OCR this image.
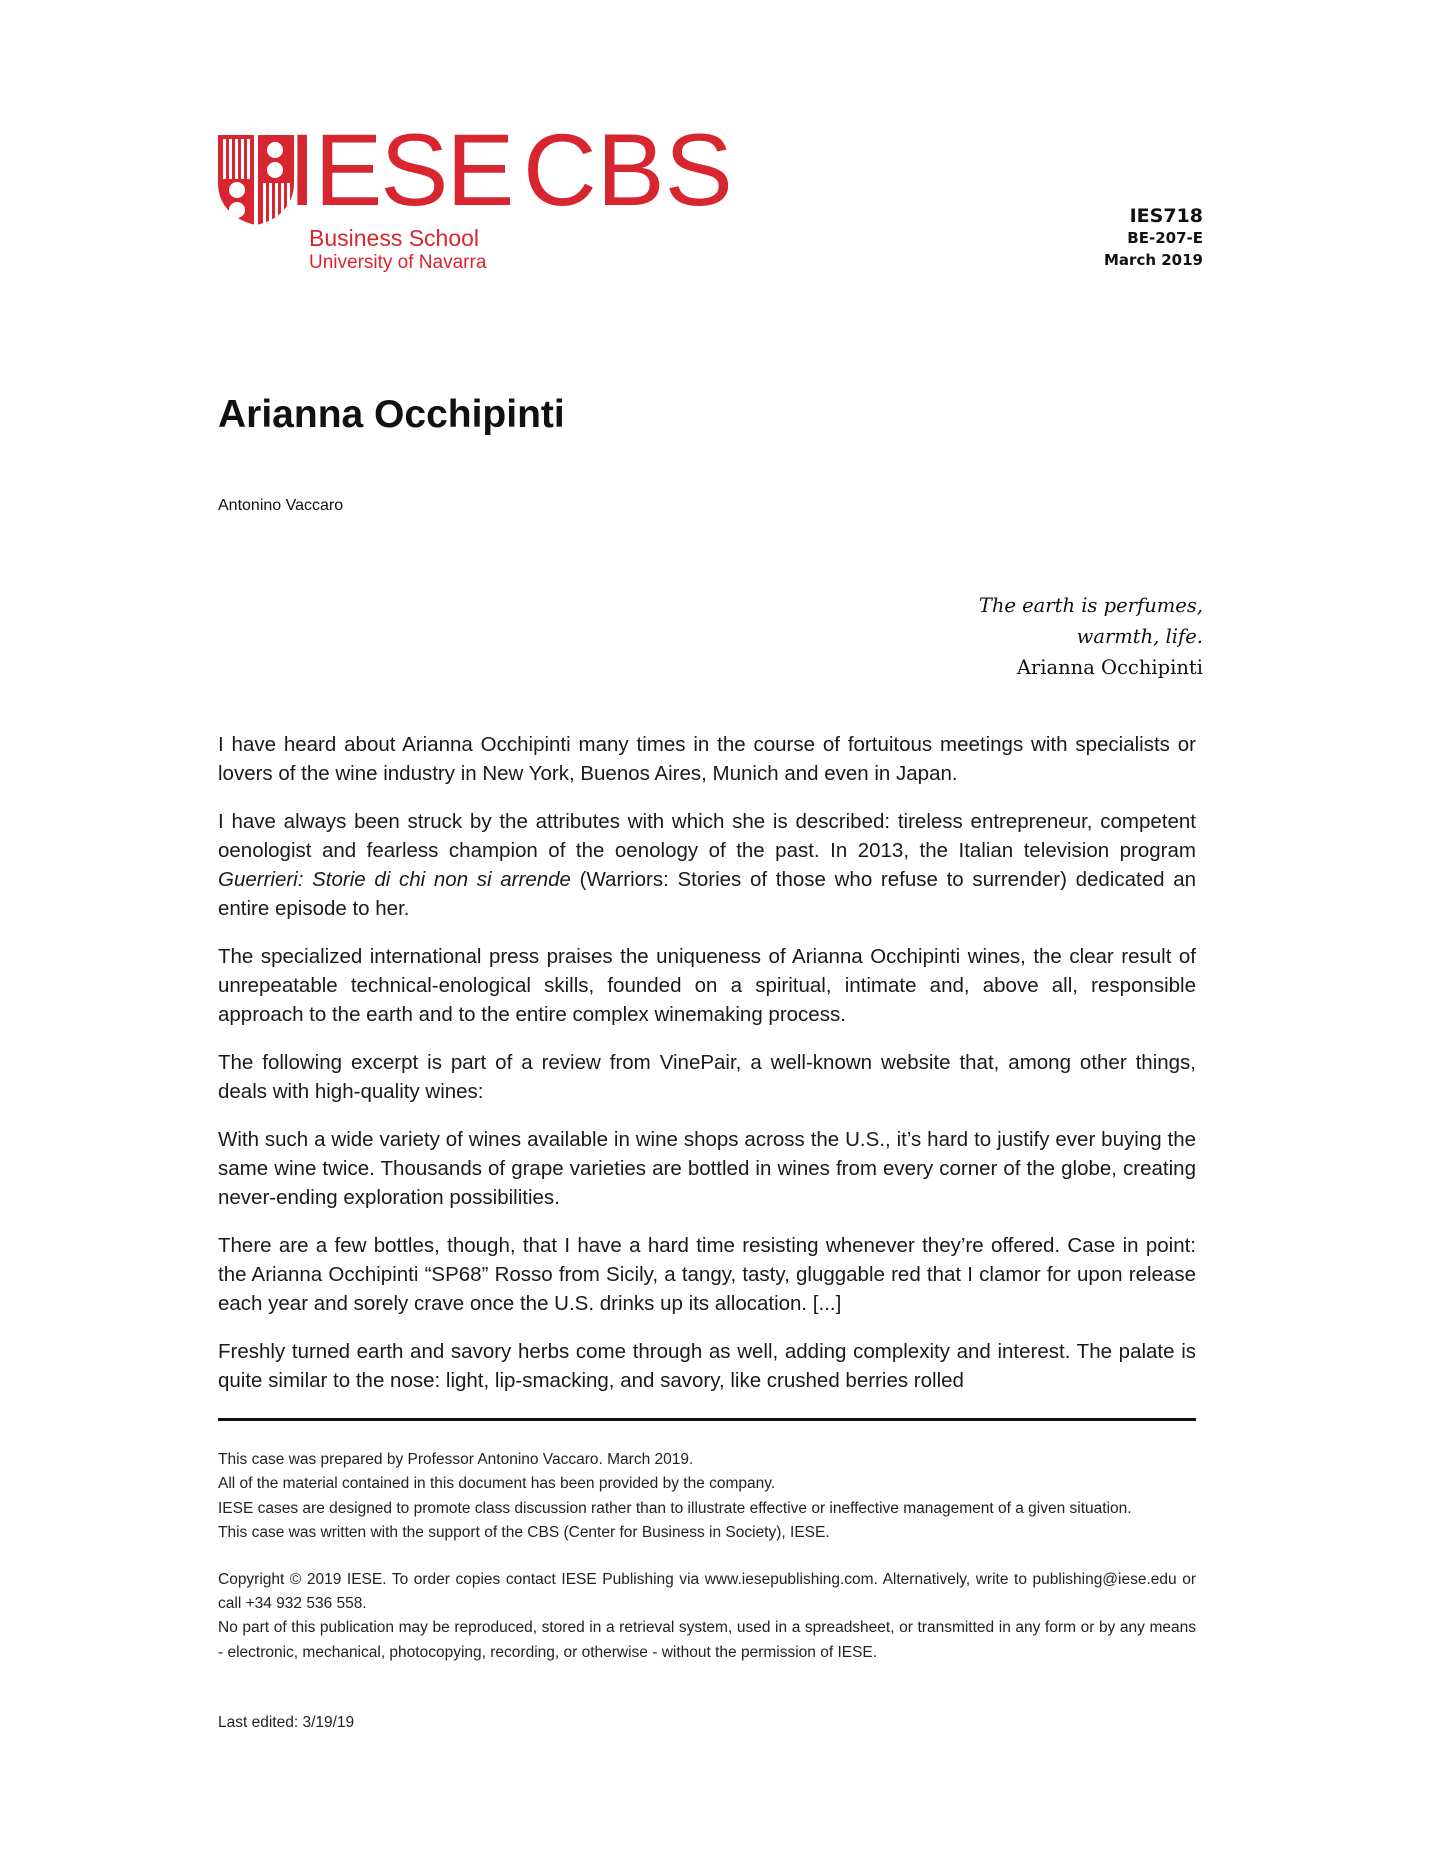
IESE CBS
Business School
University of Navarra
IES718
BE-207-E
March 2019
Arianna Occhipinti
Antonino Vaccaro
The earth is perfumes,
warmth, life.
Arianna Occhipinti

I have heard about Arianna Occhipinti many times in the course of fortuitous meetings with specialists or lovers of the wine industry in New York, Buenos Aires, Munich and even in Japan.

I have always been struck by the attributes with which she is described: tireless entrepreneur, competent oenologist and fearless champion of the oenology of the past. In 2013, the Italian television program Guerrieri: Storie di chi non si arrende (Warriors: Stories of those who refuse to surrender) dedicated an entire episode to her.

The specialized international press praises the uniqueness of Arianna Occhipinti wines, the clear result of unrepeatable technical-enological skills, founded on a spiritual, intimate and, above all, responsible approach to the earth and to the entire complex winemaking process.

The following excerpt is part of a review from VinePair, a well-known website that, among other things, deals with high-quality wines:

With such a wide variety of wines available in wine shops across the U.S., it’s hard to justify ever buying the same wine twice. Thousands of grape varieties are bottled in wines from every corner of the globe, creating never-ending exploration possibilities.

There are a few bottles, though, that I have a hard time resisting whenever they’re offered. Case in point: the Arianna Occhipinti “SP68” Rosso from Sicily, a tangy, tasty, gluggable red that I clamor for upon release each year and sorely crave once the U.S. drinks up its allocation. [...]

Freshly turned earth and savory herbs come through as well, adding complexity and interest. The palate is quite similar to the nose: light, lip-smacking, and savory, like crushed berries rolled

This case was prepared by Professor Antonino Vaccaro. March 2019.

All of the material contained in this document has been provided by the company.

IESE cases are designed to promote class discussion rather than to illustrate effective or ineffective management of a given situation.

This case was written with the support of the CBS (Center for Business in Society), IESE.

Copyright © 2019 IESE. To order copies contact IESE Publishing via www.iesepublishing.com. Alternatively, write to publishing@iese.edu or call +34 932 536 558.

No part of this publication may be reproduced, stored in a retrieval system, used in a spreadsheet, or transmitted in any form or by any means - electronic, mechanical, photocopying, recording, or otherwise - without the permission of IESE.

Last edited: 3/19/19
